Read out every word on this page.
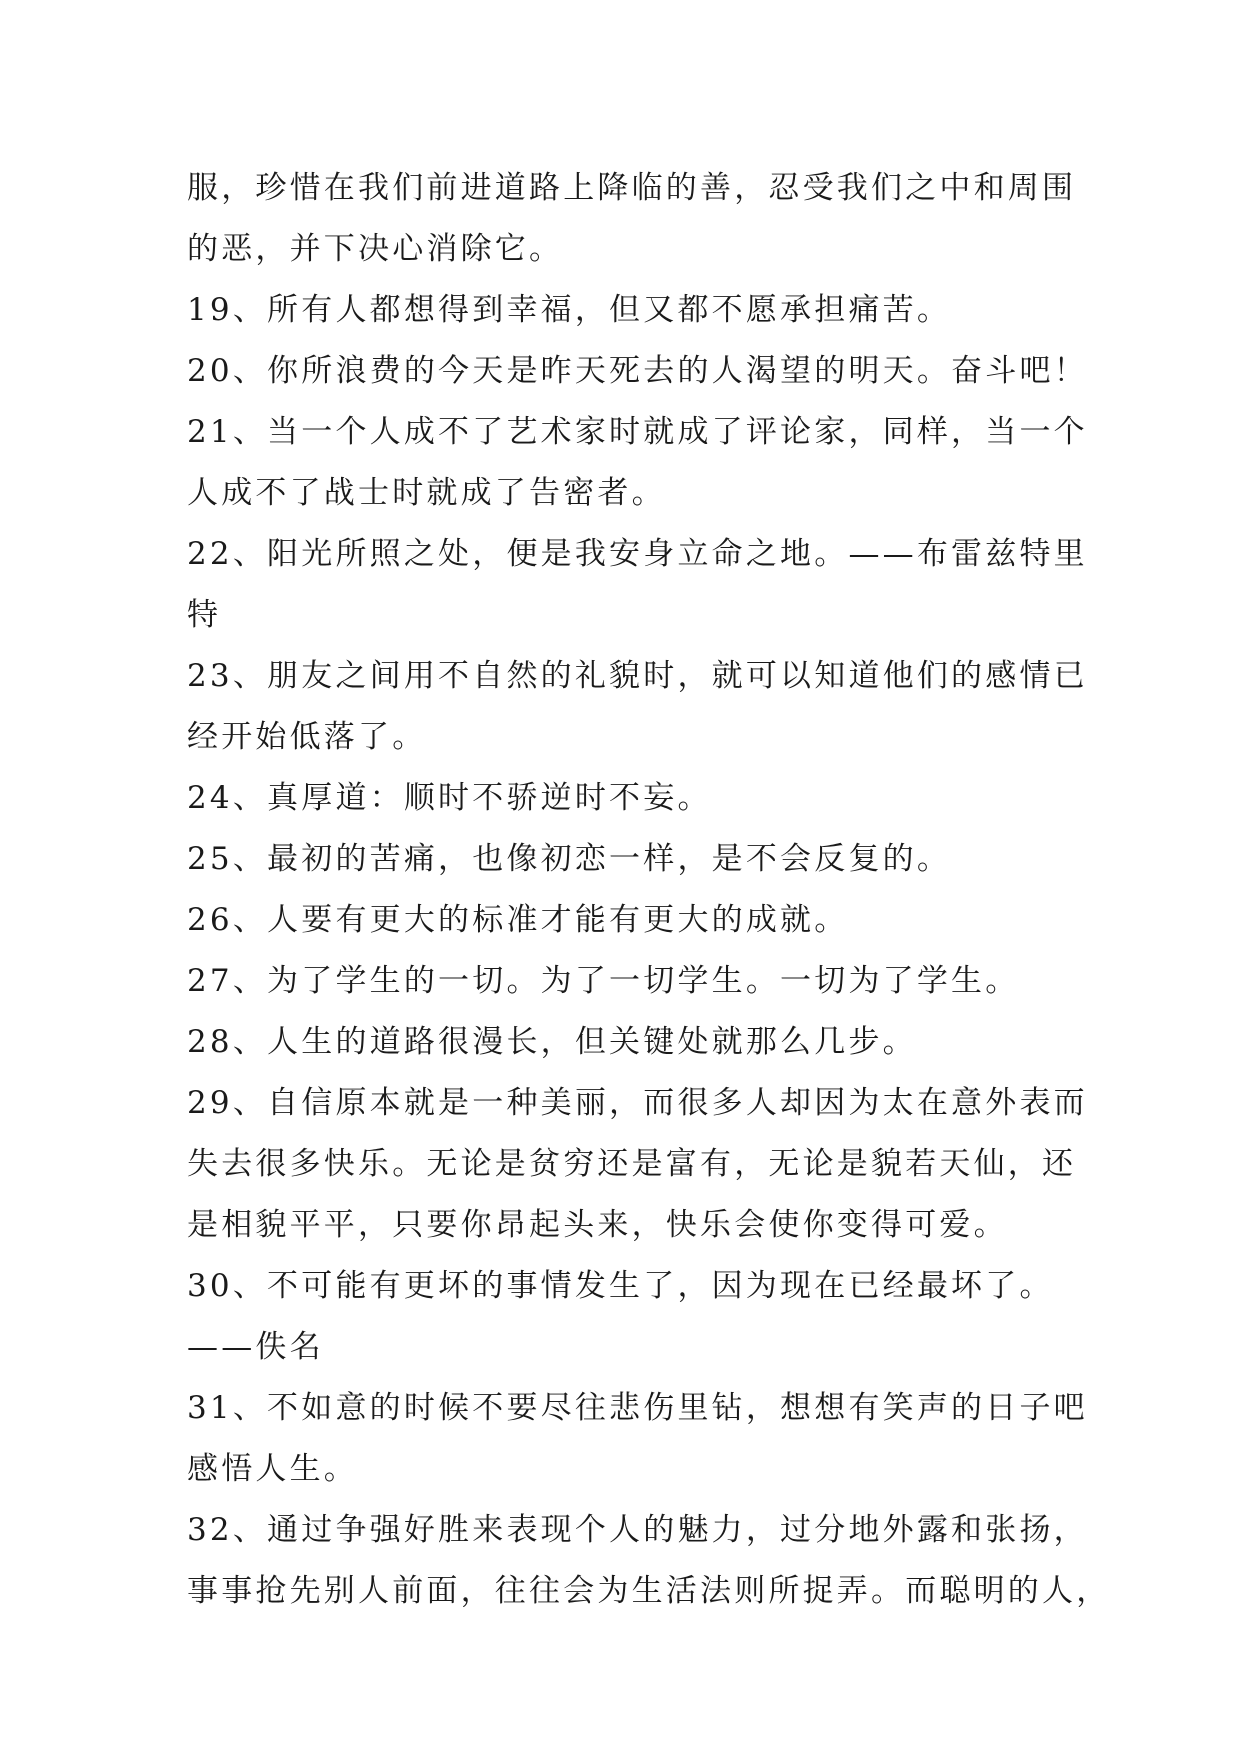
服，珍惜在我们前进道路上降临的善，忍受我们之中和周围
的恶，并下决心消除它。
19、所有人都想得到幸福，但又都不愿承担痛苦。
20、你所浪费的今天是昨天死去的人渴望的明天。奋斗吧！
21、当一个人成不了艺术家时就成了评论家，同样，当一个
人成不了战士时就成了告密者。
22、阳光所照之处，便是我安身立命之地。——布雷兹特里
特
23、朋友之间用不自然的礼貌时，就可以知道他们的感情已
经开始低落了。
24、真厚道：顺时不骄逆时不妄。
25、最初的苦痛，也像初恋一样，是不会反复的。
26、人要有更大的标准才能有更大的成就。
27、为了学生的一切。为了一切学生。一切为了学生。
28、人生的道路很漫长，但关键处就那么几步。
29、自信原本就是一种美丽，而很多人却因为太在意外表而
失去很多快乐。无论是贫穷还是富有，无论是貌若天仙，还
是相貌平平，只要你昂起头来，快乐会使你变得可爱。
30、不可能有更坏的事情发生了，因为现在已经最坏了。
——佚名
31、不如意的时候不要尽往悲伤里钻，想想有笑声的日子吧
感悟人生。
32、通过争强好胜来表现个人的魅力，过分地外露和张扬，
事事抢先别人前面，往往会为生活法则所捉弄。而聪明的人，
